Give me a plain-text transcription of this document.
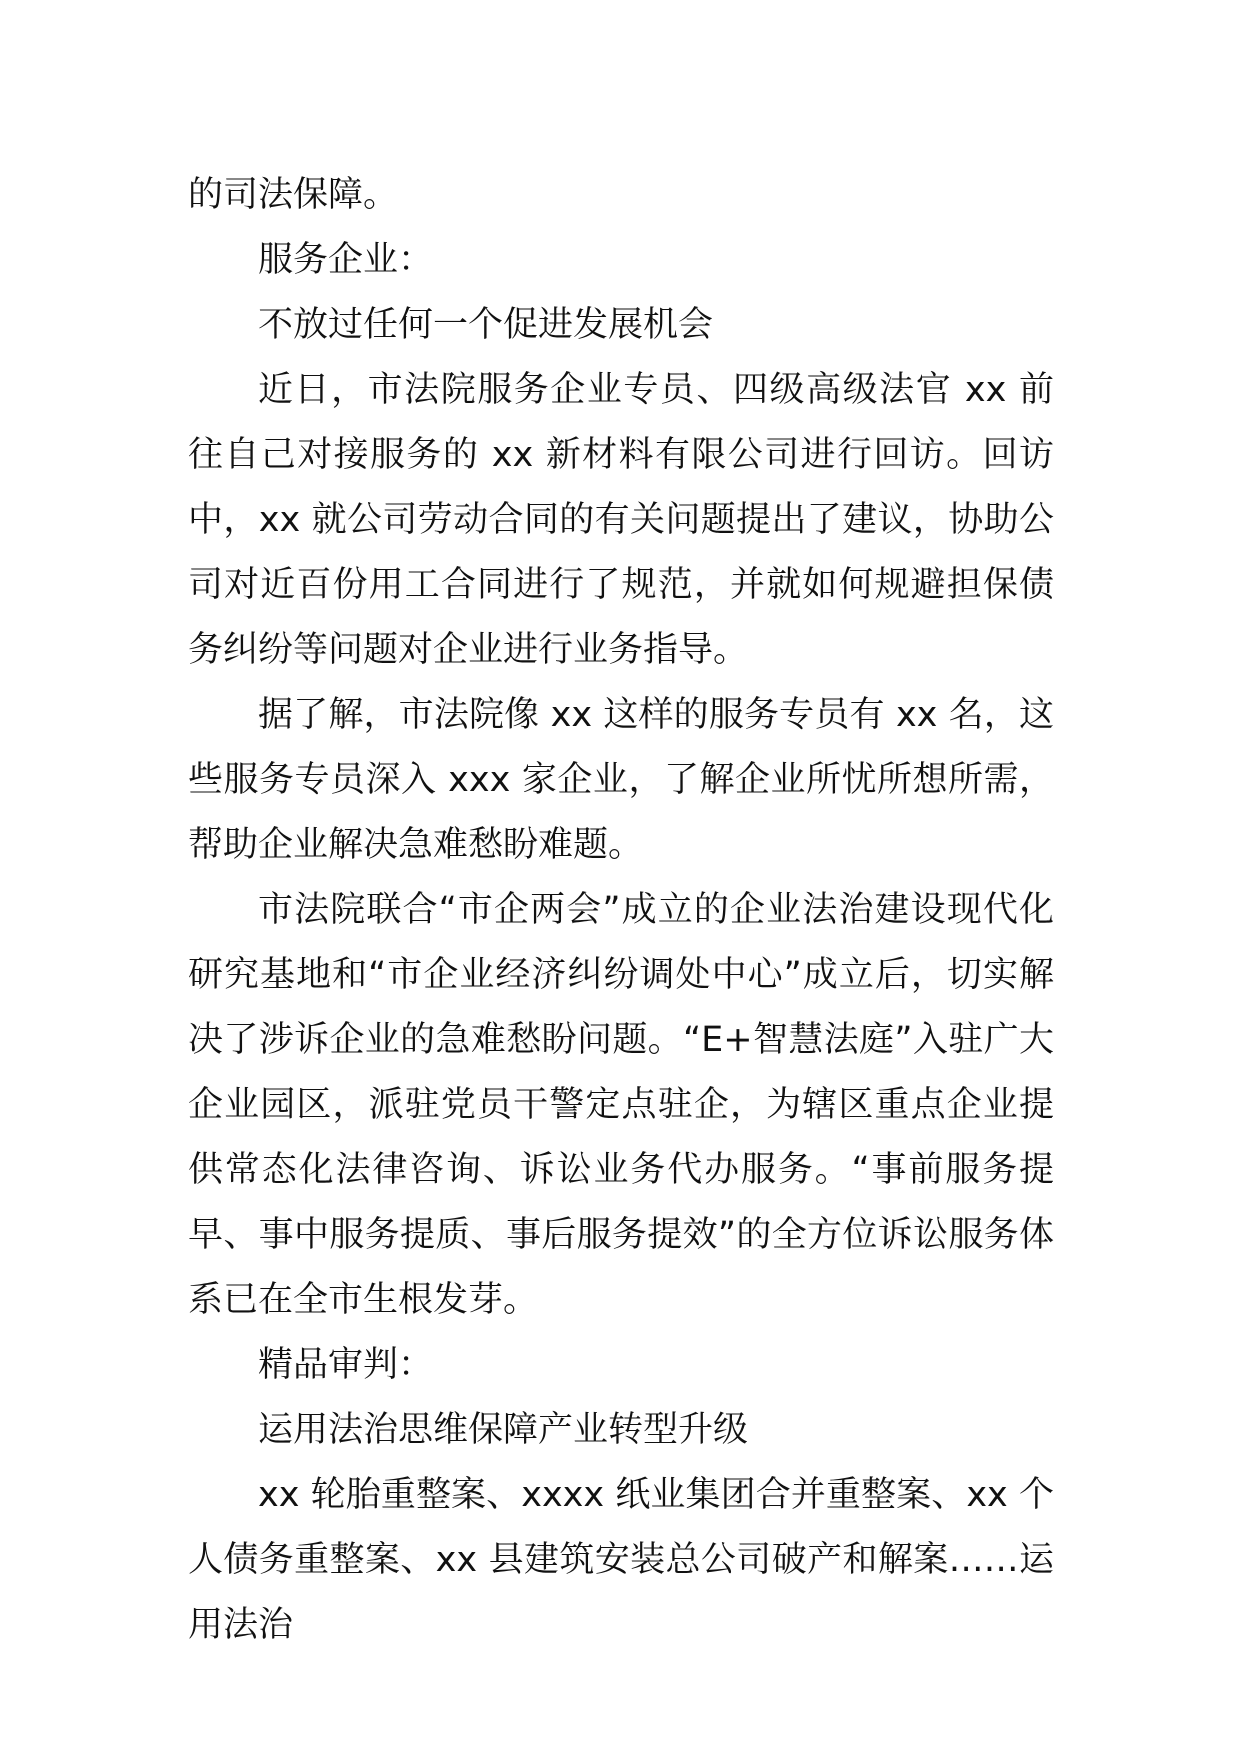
的司法保障。

服务企业：

不放过任何一个促进发展机会

近日，市法院服务企业专员、四级高级法官 xx 前往自己对接服务的 xx 新材料有限公司进行回访。回访中，xx 就公司劳动合同的有关问题提出了建议，协助公司对近百份用工合同进行了规范，并就如何规避担保债务纠纷等问题对企业进行业务指导。

据了解，市法院像 xx 这样的服务专员有 xx 名，这些服务专员深入 xxx 家企业，了解企业所忧所想所需，帮助企业解决急难愁盼难题。

市法院联合“市企两会”成立的企业法治建设现代化研究基地和“市企业经济纠纷调处中心”成立后，切实解决了涉诉企业的急难愁盼问题。“E+智慧法庭”入驻广大企业园区，派驻党员干警定点驻企，为辖区重点企业提供常态化法律咨询、诉讼业务代办服务。“事前服务提早、事中服务提质、事后服务提效”的全方位诉讼服务体系已在全市生根发芽。

精品审判：

运用法治思维保障产业转型升级

xx 轮胎重整案、xxxx 纸业集团合并重整案、xx 个人债务重整案、xx 县建筑安装总公司破产和解案……运用法治
